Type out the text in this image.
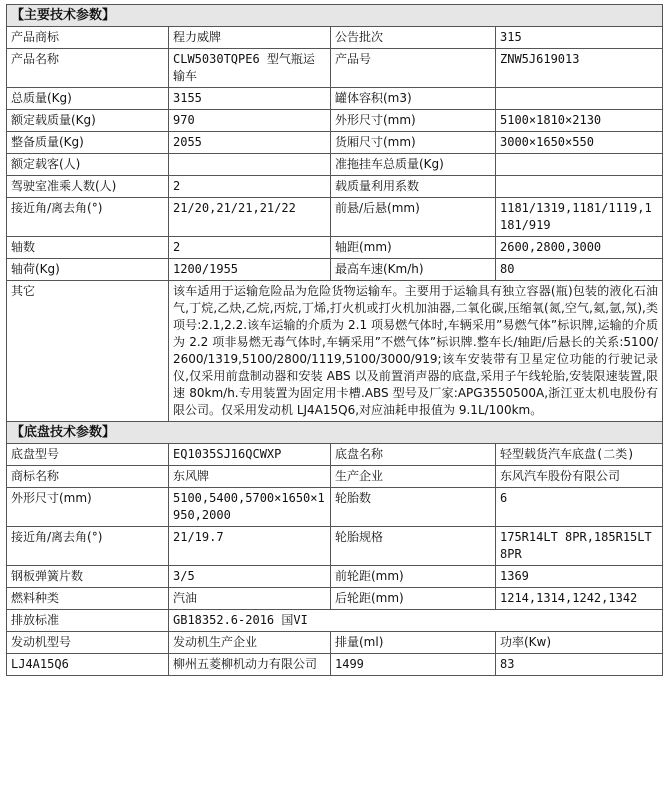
【主要技术参数】			
产品商标	程力威牌	公告批次	315
产品名称	CLW5030TQPE6 型气瓶运输车	产品号	ZNW5J619013
总质量(Kg)	3155	罐体容积(m3)	
额定载质量(Kg)	970	外形尺寸(mm)	5100×1810×2130
整备质量(Kg)	2055	货厢尺寸(mm)	3000×1650×550
额定载客(人)		准拖挂车总质量(Kg)	
驾驶室准乘人数(人)	2	载质量利用系数	
接近角/离去角(°)	21/20,21/21,21/22	前悬/后悬(mm)	1181/1319,1181/1119,1181/919
轴数	2	轴距(mm)	2600,2800,3000
轴荷(Kg)	1200/1955	最高车速(Km/h)	80
其它	该车适用于运输危险品为危险货物运输车。主要用于运输具有独立容器(瓶)包装的液化石油气,丁烷,乙炔,乙烷,丙烷,丁烯,打火机或打火机加油器,二氧化碳,压缩氧(氮,空气,氦,氩,氖),类项号:2.1,2.2.该车运输的介质为 2.1 项易燃气体时,车辆采用”易燃气体”标识牌,运输的介质为 2.2 项非易燃无毒气体时,车辆采用”不燃气体”标识牌.整车长/轴距/后悬长的关系:5100/2600/1319,5100/2800/1119,5100/3000/919;该车安装带有卫星定位功能的行驶记录仪,仅采用前盘制动器和安装 ABS 以及前置消声器的底盘,采用子午线轮胎,安装限速装置,限速 80km/h.专用装置为固定用卡槽.ABS 型号及厂家:APG3550500A,浙江亚太机电股份有限公司。仅采用发动机 LJ4A15Q6,对应油耗申报值为 9.1L/100km。		
【底盘技术参数】			
底盘型号	EQ1035SJ16QCWXP	底盘名称	轻型载货汽车底盘(二类)
商标名称	东风牌	生产企业	东风汽车股份有限公司
外形尺寸(mm)	5100,5400,5700×1650×1950,2000	轮胎数	6
接近角/离去角(°)	21/19.7	轮胎规格	175R14LT 8PR,185R15LT 8PR
钢板弹簧片数	3/5	前轮距(mm)	1369
燃料种类	汽油	后轮距(mm)	1214,1314,1242,1342
排放标准	GB18352.6-2016 国VI		
发动机型号	发动机生产企业	排量(ml)	功率(Kw)
LJ4A15Q6	柳州五菱柳机动力有限公司	1499	83
